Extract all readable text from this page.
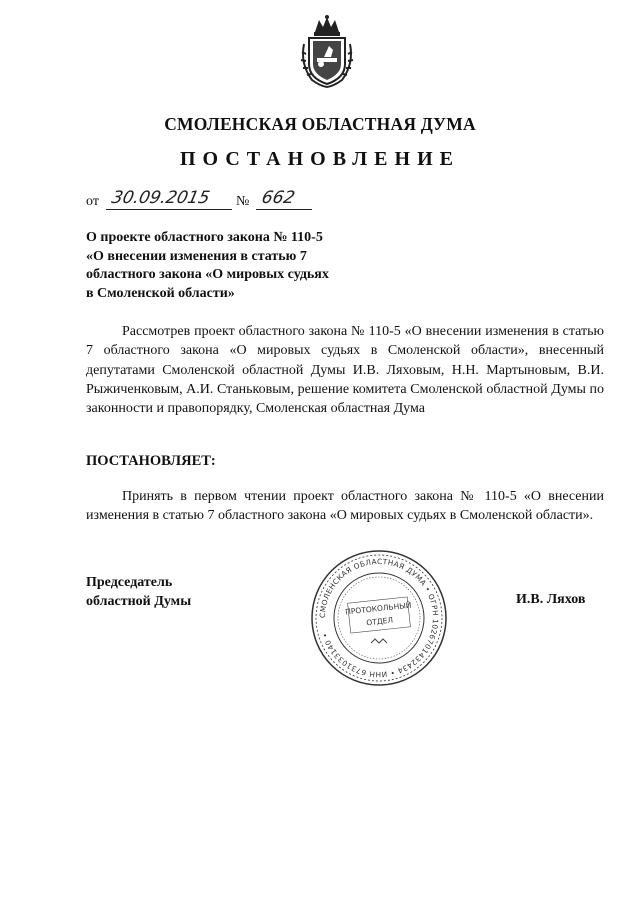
СМОЛЕНСКАЯ ОБЛАСТНАЯ ДУМА
ПОСТАНОВЛЕНИЕ
от 30.09.2015 № 662
О проекте областного закона № 110-5
«О внесении изменения в статью 7
областного закона «О мировых судьях
в Смоленской области»
Рассмотрев проект областного закона № 110-5 «О внесении изменения в статью 7 областного закона «О мировых судьях в Смоленской области», внесенный депутатами Смоленской областной Думы И.В. Ляховым, Н.Н. Мартыновым, В.И. Рыжиченковым, А.И. Станьковым, решение комитета Смоленской областной Думы по законности и правопорядку, Смоленская областная Дума
ПОСТАНОВЛЯЕТ:
Принять в первом чтении проект областного закона № 110-5 «О внесении изменения в статью 7 областного закона «О мировых судьях в Смоленской области».
Председатель
областной Думы	И.В. Ляхов
СМОЛЕНСКАЯ ОБЛАСТНАЯ ДУМА • ОГРН 1026701432434 • ИНН 6731033140 •
ПРОТОКОЛЬНЫЙ
ОТДЕЛ
